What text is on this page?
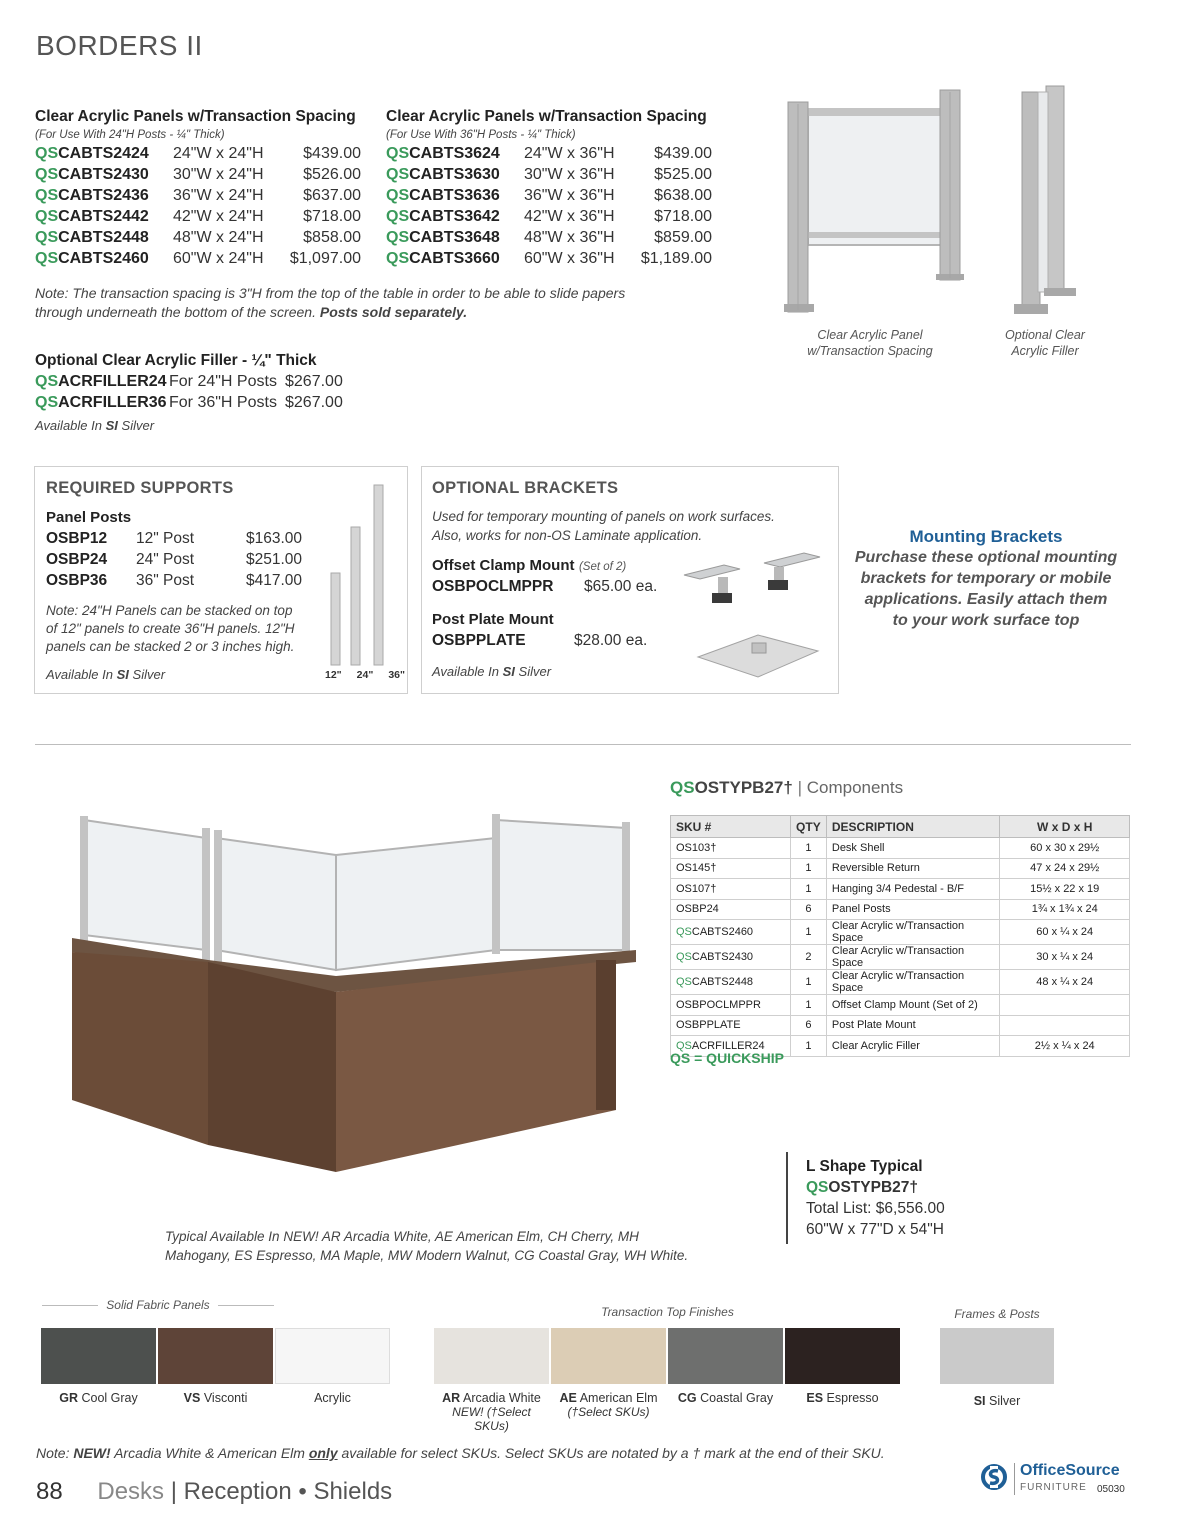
BORDERS II
Clear Acrylic Panels w/Transaction Spacing
(For Use With 24"H Posts - ¼" Thick)
QSCABTS2424	24"W x 24"H	$439.00
QSCABTS2430	30"W x 24"H	$526.00
QSCABTS2436	36"W x 24"H	$637.00
QSCABTS2442	42"W x 24"H	$718.00
QSCABTS2448	48"W x 24"H	$858.00
QSCABTS2460	60"W x 24"H	$1,097.00
Clear Acrylic Panels w/Transaction Spacing
(For Use With 36"H Posts - ¼" Thick)
QSCABTS3624	24"W x 36"H	$439.00
QSCABTS3630	30"W x 36"H	$525.00
QSCABTS3636	36"W x 36"H	$638.00
QSCABTS3642	42"W x 36"H	$718.00
QSCABTS3648	48"W x 36"H	$859.00
QSCABTS3660	60"W x 36"H	$1,189.00
Note: The transaction spacing is 3"H from the top of the table in order to be able to slide papers
through underneath the bottom of the screen. Posts sold separately.
Clear Acrylic Panel
w/Transaction Spacing
Optional Clear
Acrylic Filler
Optional Clear Acrylic Filler - ¼" Thick
QSACRFILLER24 For 24"H Posts $267.00
QSACRFILLER36 For 36"H Posts $267.00
Available In SI Silver
REQUIRED SUPPORTS
Panel Posts
OSBP12	12" Post	$163.00
OSBP24	24" Post	$251.00
OSBP36	36" Post	$417.00
Note: 24"H Panels can be stacked on top
of 12" panels to create 36"H panels. 12"H
panels can be stacked 2 or 3 inches high.
Available In SI Silver	12" 24" 36"
OPTIONAL BRACKETS
Used for temporary mounting of panels on work surfaces.
Also, works for non-OS Laminate application.
Offset Clamp Mount (Set of 2)
OSBPOCLMPPR	$65.00 ea.
Post Plate Mount
OSBPPLATE	$28.00 ea.
Available In SI Silver
Mounting Brackets
Purchase these optional mounting
brackets for temporary or mobile
applications. Easily attach them
to your work surface top
QSOSTYPB27† | Components
SKU #	QTY	DESCRIPTION	W x D x H
OS103†	1	Desk Shell	60 x 30 x 29½
OS145†	1	Reversible Return	47 x 24 x 29½
OS107†	1	Hanging 3/4 Pedestal - B/F	15½ x 22 x 19
OSBP24	6	Panel Posts	1¾ x 1¾ x 24
QSCABTS2460	1	Clear Acrylic w/Transaction Space	60 x ¼ x 24
QSCABTS2430	2	Clear Acrylic w/Transaction Space	30 x ¼ x 24
QSCABTS2448	1	Clear Acrylic w/Transaction Space	48 x ¼ x 24
OSBPOCLMPPR	1	Offset Clamp Mount (Set of 2)	
OSBPPLATE	6	Post Plate Mount	
QSACRFILLER24	1	Clear Acrylic Filler	2½ x ¼ x 24
QS = QUICKSHIP
L Shape Typical
QSOSTYPB27†
Total List: $6,556.00
60"W x 77"D x 54"H
Typical Available In NEW! AR Arcadia White, AE American Elm, CH Cherry, MH
Mahogany, ES Espresso, MA Maple, MW Modern Walnut, CG Coastal Gray, WH White.
Solid Fabric Panels	Transaction Top Finishes	Frames & Posts
GR Cool Gray	VS Visconti	Acrylic	AR Arcadia White
NEW! (†Select SKUs)
AE American Elm
(†Select SKUs)
CG Coastal Gray	ES Espresso	SI Silver
Note: NEW! Arcadia White & American Elm only available for select SKUs. Select SKUs are notated by a † mark at the end of their SKU.
88 Desks | Reception • Shields
OfficeSource
FURNITURE 05030
